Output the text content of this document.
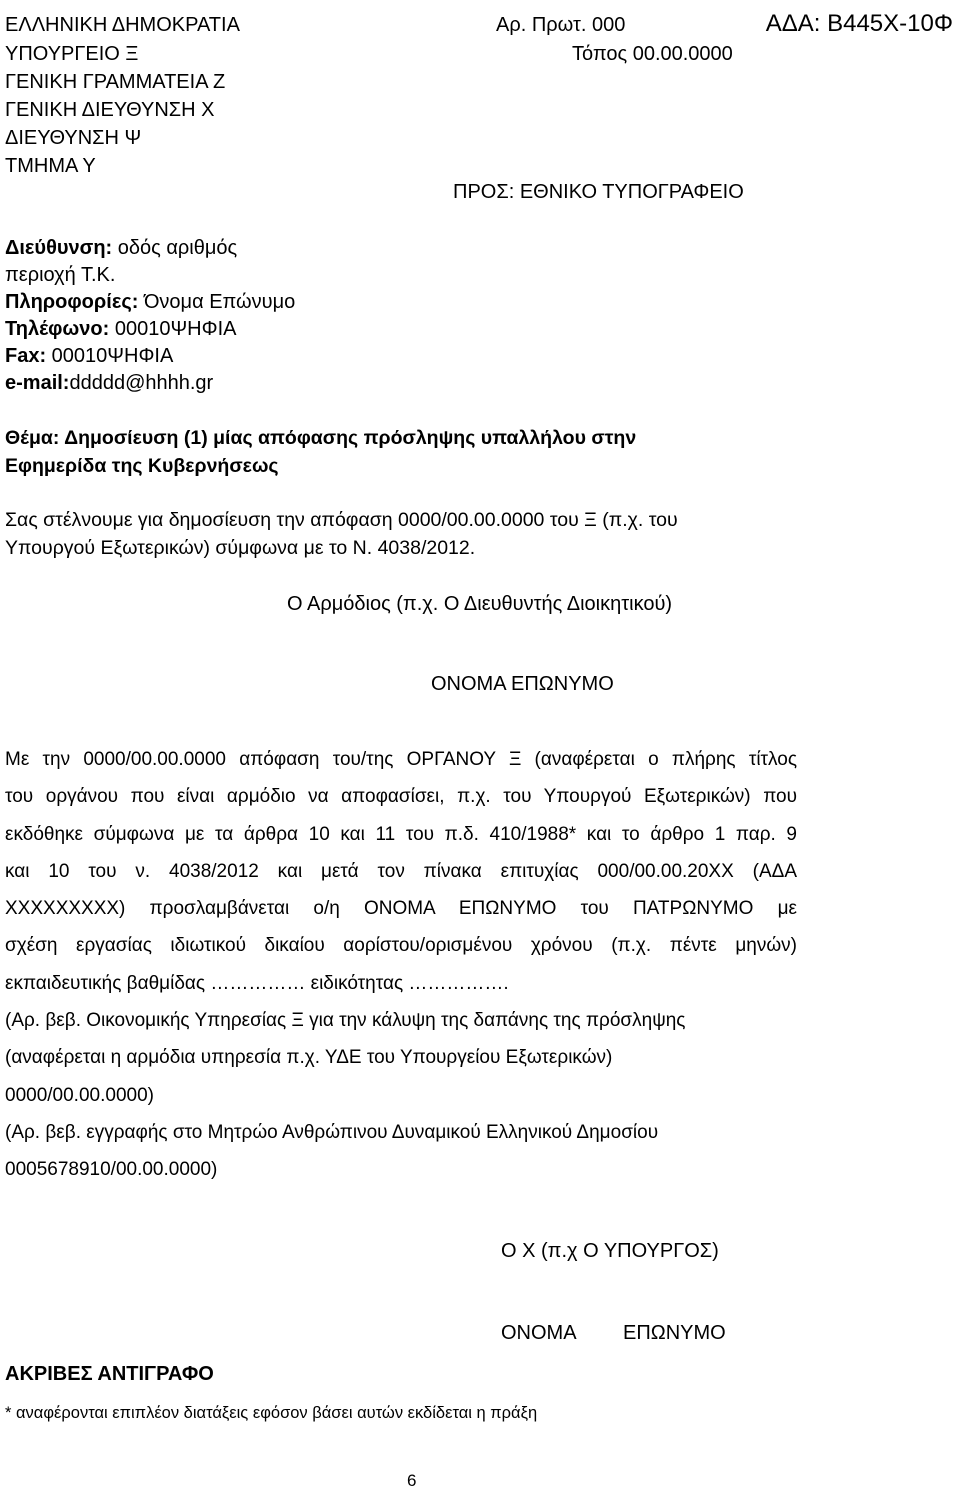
ΕΛΛΗΝΙΚΗ ΔΗΜΟΚΡΑΤΙΑ
ΥΠΟΥΡΓΕΙΟ Ξ
ΓΕΝΙΚΗ ΓΡΑΜΜΑΤΕΙΑ Ζ
ΓΕΝΙΚΗ ΔΙΕΥΘΥΝΣΗ Χ
ΔΙΕΥΘΥΝΣΗ Ψ
ΤΜΗΜΑ Υ
Αρ. Πρωτ. 000
Τόπος 00.00.0000
ΑΔΑ: Β445Χ-10Φ
ΠΡΟΣ: ΕΘΝΙΚΟ ΤΥΠΟΓΡΑΦΕΙΟ
Διεύθυνση: οδός αριθμός
περιοχή Τ.Κ.
Πληροφορίες: Όνομα Επώνυμο
Τηλέφωνο: 00010ΨΗΦΙΑ
Fax: 00010ΨΗΦΙΑ
e-mail:ddddd@hhhh.gr
Θέμα: Δημοσίευση (1) μίας απόφασης πρόσληψης υπαλλήλου στην
Εφημερίδα της Κυβερνήσεως
Σας στέλνουμε για δημοσίευση την απόφαση 0000/00.00.0000 του Ξ (π.χ. του
Υπουργού Εξωτερικών) σύμφωνα με το Ν. 4038/2012.
Ο Αρμόδιος (π.χ. Ο Διευθυντής Διοικητικού)
ΟΝΟΜΑ ΕΠΩΝΥΜΟ
Με την 0000/00.00.0000 απόφαση του/της ΟΡΓΑΝΟΥ Ξ (αναφέρεται ο πλήρης τίτλος
του οργάνου που είναι αρμόδιο να αποφασίσει, π.χ. του Υπουργού Εξωτερικών) που
εκδόθηκε σύμφωνα με τα άρθρα 10 και 11 του π.δ. 410/1988* και το άρθρο 1 παρ. 9
και 10 του ν. 4038/2012 και μετά τον πίνακα επιτυχίας 000/00.00.20ΧΧ (ΑΔΑ
ΧΧΧΧΧΧΧΧΧ) προσλαμβάνεται ο/η ΟΝΟΜΑ ΕΠΩΝΥΜΟ του ΠΑΤΡΩΝΥΜΟ με
σχέση εργασίας ιδιωτικού δικαίου αορίστου/ορισμένου χρόνου (π.χ. πέντε μηνών)
εκπαιδευτικής βαθμίδας …………… ειδικότητας …………….
(Αρ. βεβ. Οικονομικής Υπηρεσίας Ξ για την κάλυψη της δαπάνης της πρόσληψης
(αναφέρεται η αρμόδια υπηρεσία π.χ. ΥΔΕ του Υπουργείου Εξωτερικών)
0000/00.00.0000)
(Αρ. βεβ. εγγραφής στο Μητρώο Ανθρώπινου Δυναμικού Ελληνικού Δημοσίου
0005678910/00.00.0000)
Ο Χ (π.χ Ο ΥΠΟΥΡΓΟΣ)
ΟΝΟΜΑ ΕΠΩΝΥΜΟ
ΑΚΡΙΒΕΣ ΑΝΤΙΓΡΑΦΟ
* αναφέρονται επιπλέον διατάξεις εφόσον βάσει αυτών εκδίδεται η πράξη
6
